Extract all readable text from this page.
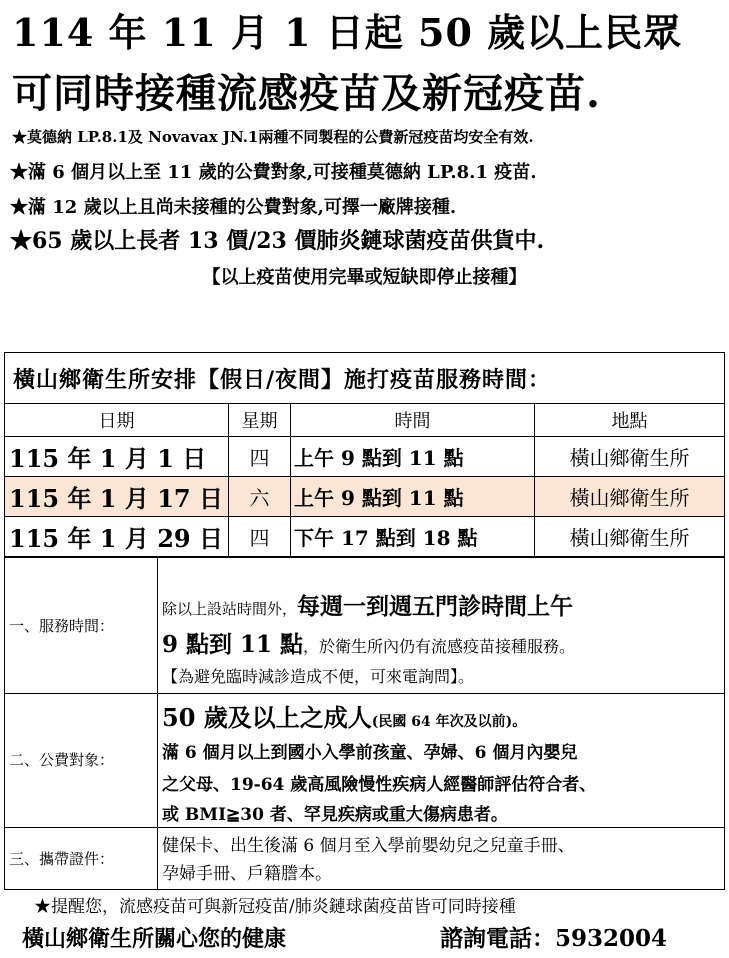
114 年 11 月 1 日起 50 歲以上民眾
可同時接種流感疫苗及新冠疫苗.
★莫德納 LP.8.1及 Novavax JN.1兩種不同製程的公費新冠疫苗均安全有效.
★滿 6 個月以上至 11 歲的公費對象,可接種莫德納 LP.8.1 疫苗.
★滿 12 歲以上且尚未接種的公費對象,可擇一廠牌接種.
★65 歲以上長者 13 價/23 價肺炎鏈球菌疫苗供貨中.
【以上疫苗使用完畢或短缺即停止接種】
橫山鄉衛生所安排【假日/夜間】施打疫苗服務時間：			
日期	星期	時間	地點
115 年 1 月 1 日	四	上午 9 點到 11 點	橫山鄉衛生所
115 年 1 月 17 日	六	上午 9 點到 11 點	橫山鄉衛生所
115 年 1 月 29 日	四	下午 17 點到 18 點	橫山鄉衛生所
一、服務時間：
除以上設站時間外，每週一到週五門診時間上午
9 點到 11 點，於衛生所內仍有流感疫苗接種服務。
【為避免臨時減診造成不便，可來電詢問】。
二、公費對象：
50 歲及以上之成人(民國 64 年次及以前)。
滿 6 個月以上到國小入學前孩童、孕婦、6 個月內嬰兒
之父母、19-64 歲高風險慢性疾病人經醫師評估符合者、
或 BMI≧30 者、罕見疾病或重大傷病患者。
三、攜帶證件：
健保卡、出生後滿 6 個月至入學前嬰幼兒之兒童手冊、
孕婦手冊、戶籍謄本。
★提醒您，流感疫苗可與新冠疫苗/肺炎鏈球菌疫苗皆可同時接種
橫山鄉衛生所關心您的健康	諮詢電話：5932004
